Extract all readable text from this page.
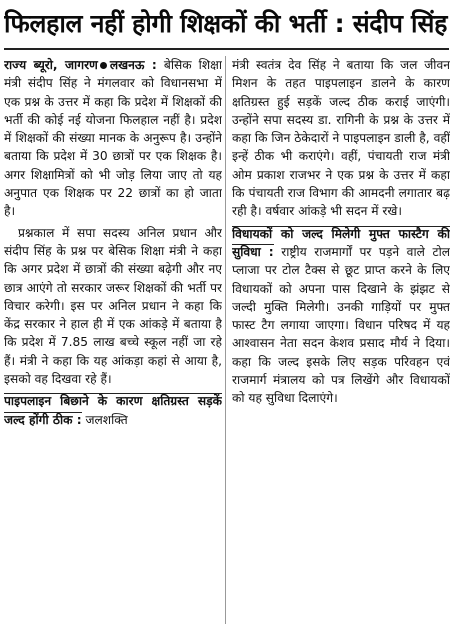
फिलहाल नहीं होगी शिक्षकों की भर्ती : संदीप सिंह

राज्य ब्यूरो, जागरण लखनऊ : बेसिक शिक्षा मंत्री संदीप सिंह ने मंगलवार को विधानसभा में एक प्रश्न के उत्तर में कहा कि प्रदेश में शिक्षकों की भर्ती की कोई नई योजना फिलहाल नहीं है। प्रदेश में शिक्षकों की संख्या मानक के अनुरूप है। उन्होंने बताया कि प्रदेश में 30 छात्रों पर एक शिक्षक है। अगर शिक्षामित्रों को भी जोड़ लिया जाए तो यह अनुपात एक शिक्षक पर 22 छात्रों का हो जाता है।

प्रश्नकाल में सपा सदस्य अनिल प्रधान और संदीप सिंह के प्रश्न पर बेसिक शिक्षा मंत्री ने कहा कि अगर प्रदेश में छात्रों की संख्या बढ़ेगी और नए छात्र आएंगे तो सरकार जरूर शिक्षकों की भर्ती पर विचार करेगी। इस पर अनिल प्रधान ने कहा कि केंद्र सरकार ने हाल ही में एक आंकड़े में बताया है कि प्रदेश में 7.85 लाख बच्चे स्कूल नहीं जा रहे हैं। मंत्री ने कहा कि यह आंकड़ा कहां से आया है, इसको वह दिखवा रहे हैं।

पाइपलाइन बिछाने के कारण क्षतिग्रस्त सड़कें जल्द होंगी ठीक : जलशक्ति

मंत्री स्वतंत्र देव सिंह ने बताया कि जल जीवन मिशन के तहत पाइपलाइन डालने के कारण क्षतिग्रस्त हुई सड़कें जल्द ठीक कराई जाएंगी। उन्होंने सपा सदस्य डा. रागिनी के प्रश्न के उत्तर में कहा कि जिन ठेकेदारों ने पाइपलाइन डाली है, वहीं इन्हें ठीक भी कराएंगे। वहीं, पंचायती राज मंत्री ओम प्रकाश राजभर ने एक प्रश्न के उत्तर में कहा कि पंचायती राज विभाग की आमदनी लगातार बढ़ रही है। वर्षवार आंकड़े भी सदन में रखे।

विधायकों को जल्द मिलेगी मुफ्त फास्टैग की सुविधा : राष्ट्रीय राजमार्गों पर पड़ने वाले टोल प्लाजा पर टोल टैक्स से छूट प्राप्त करने के लिए विधायकों को अपना पास दिखाने के झंझट से जल्दी मुक्ति मिलेगी। उनकी गाड़ियों पर मुफ्त फास्ट टैग लगाया जाएगा। विधान परिषद में यह आश्वासन नेता सदन केशव प्रसाद मौर्य ने दिया। कहा कि जल्द इसके लिए सड़क परिवहन एवं राजमार्ग मंत्रालय को पत्र लिखेंगे और विधायकों को यह सुविधा दिलाएंगे।
